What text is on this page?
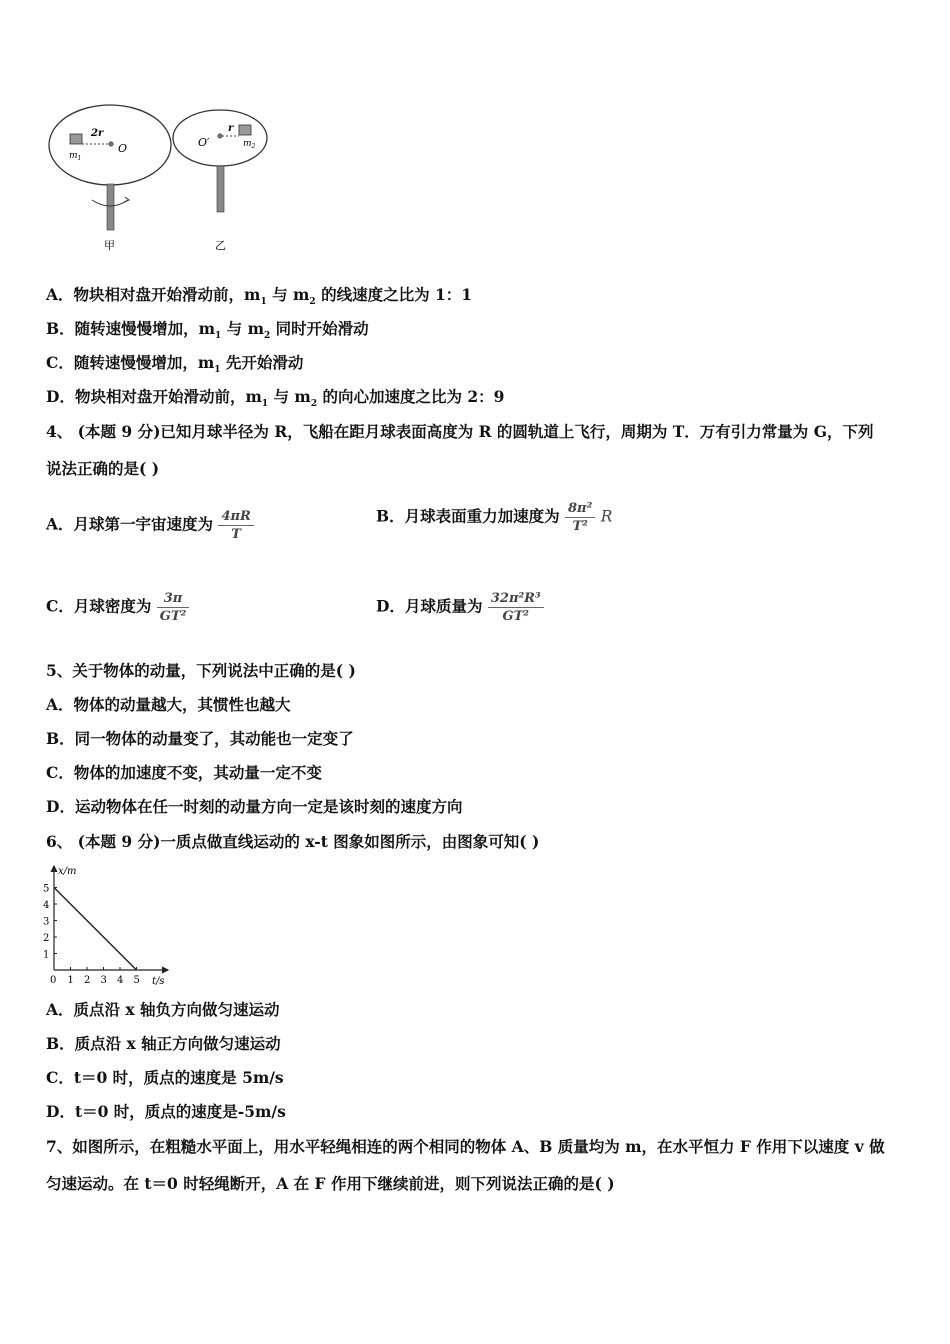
2r
O
$m_1$
甲
O′
r
$m_2$
乙
A．物块相对盘开始滑动前，$m_1$ 与 $m_2$ 的线速度之比为 1：1
B．随转速慢慢增加，$m_1$ 与 $m_2$ 同时开始滑动
C．随转速慢慢增加，$m_1$ 先开始滑动
D．物块相对盘开始滑动前，$m_1$ 与 $m_2$ 的向心加速度之比为 2：9
4、 (本题 9 分)已知月球半径为 R，飞船在距月球表面高度为 R 的圆轨道上飞行，周期为 T．万有引力常量为 G，下列
说法正确的是( )
A．月球第一宇宙速度为 $\frac{4\pi R}{T}$	B．月球表面重力加速度为 $\frac{\text{8π²}}{\text{T²}}$ R
C．月球密度为 $\frac{3\pi}{\text{GT²}}$	D．月球质量为 $\frac{\text{32π²R³}}{\text{GT²}}$
5、关于物体的动量，下列说法中正确的是( )
A．物体的动量越大，其惯性也越大
B．同一物体的动量变了，其动能也一定变了
C．物体的加速度不变，其动量一定不变
D．运动物体在任一时刻的动量方向一定是该时刻的速度方向
6、 (本题 9 分)一质点做直线运动的 x-t 图象如图所示，由图象可知( )
0 1 2 3 4 5
1
2
3
4
5
x/m
t/s
A．质点沿 x 轴负方向做匀速运动
B．质点沿 x 轴正方向做匀速运动
C．t＝0 时，质点的速度是 5m/s
D．t＝0 时，质点的速度是-5m/s
7、如图所示，在粗糙水平面上，用水平轻绳相连的两个相同的物体 A、B 质量均为 m，在水平恒力 F 作用下以速度 v 做
匀速运动。在 t＝0 时轻绳断开，A 在 F 作用下继续前进，则下列说法正确的是( )
